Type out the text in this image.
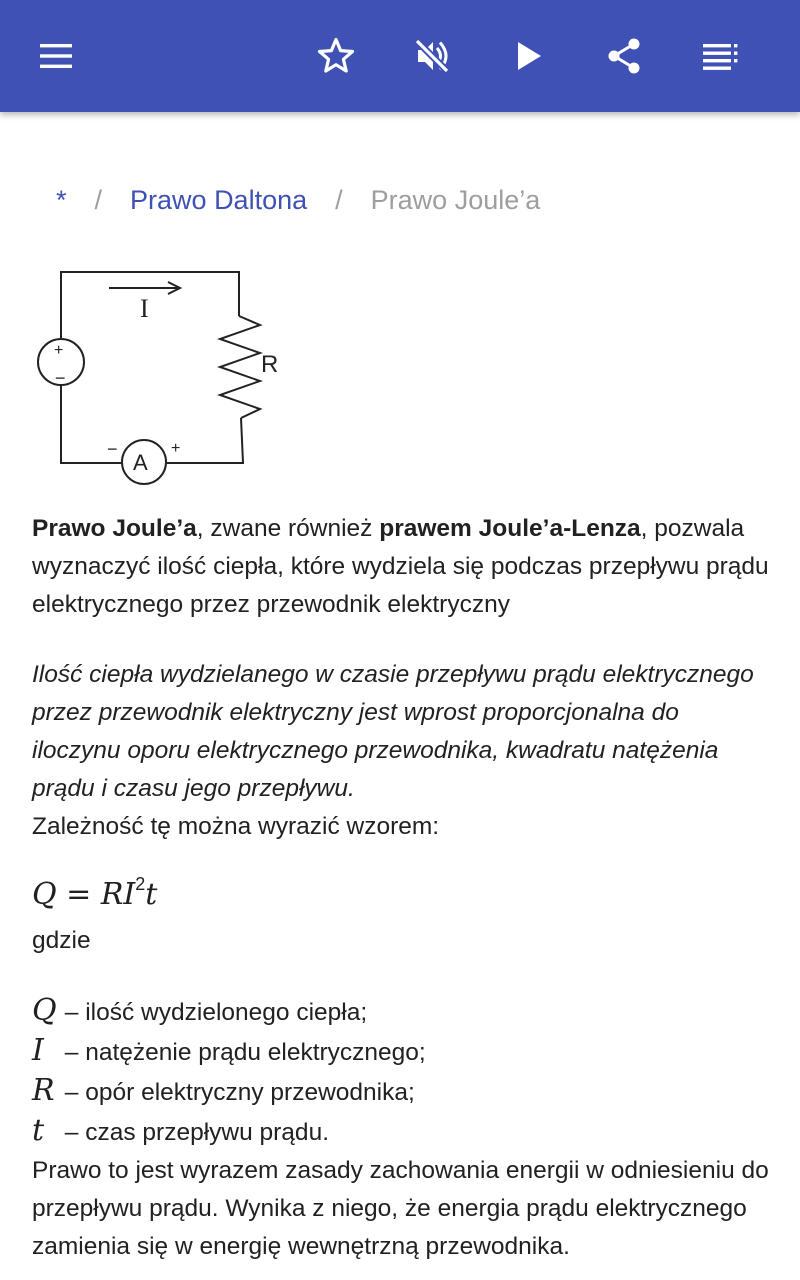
* / Prawo Daltona / Prawo Joule’a
I
R
A
+
−
−	+

Prawo Joule’a, zwane również prawem Joule’a-Lenza, pozwala wyznaczyć ilość ciepła, które wydziela się podczas przepływu prądu elektrycznego przez przewodnik elektryczny

Ilość ciepła wydzielanego w czasie przepływu prądu elektrycznego przez przewodnik elektryczny jest wprost proporcjonalna do iloczynu oporu elektrycznego przewodnika, kwadratu natężenia prądu i czasu jego przepływu.

Zależność tę można wyrazić wzorem:

$Q = RI^2t$

gdzie

Q – ilość wydzielonego ciepła;

I – natężenie prądu elektrycznego;

R – opór elektryczny przewodnika;

t – czas przepływu prądu.

Prawo to jest wyrazem zasady zachowania energii w odniesieniu do przepływu prądu. Wynika z niego, że energia prądu elektrycznego zamienia się w energię wewnętrzną przewodnika.
